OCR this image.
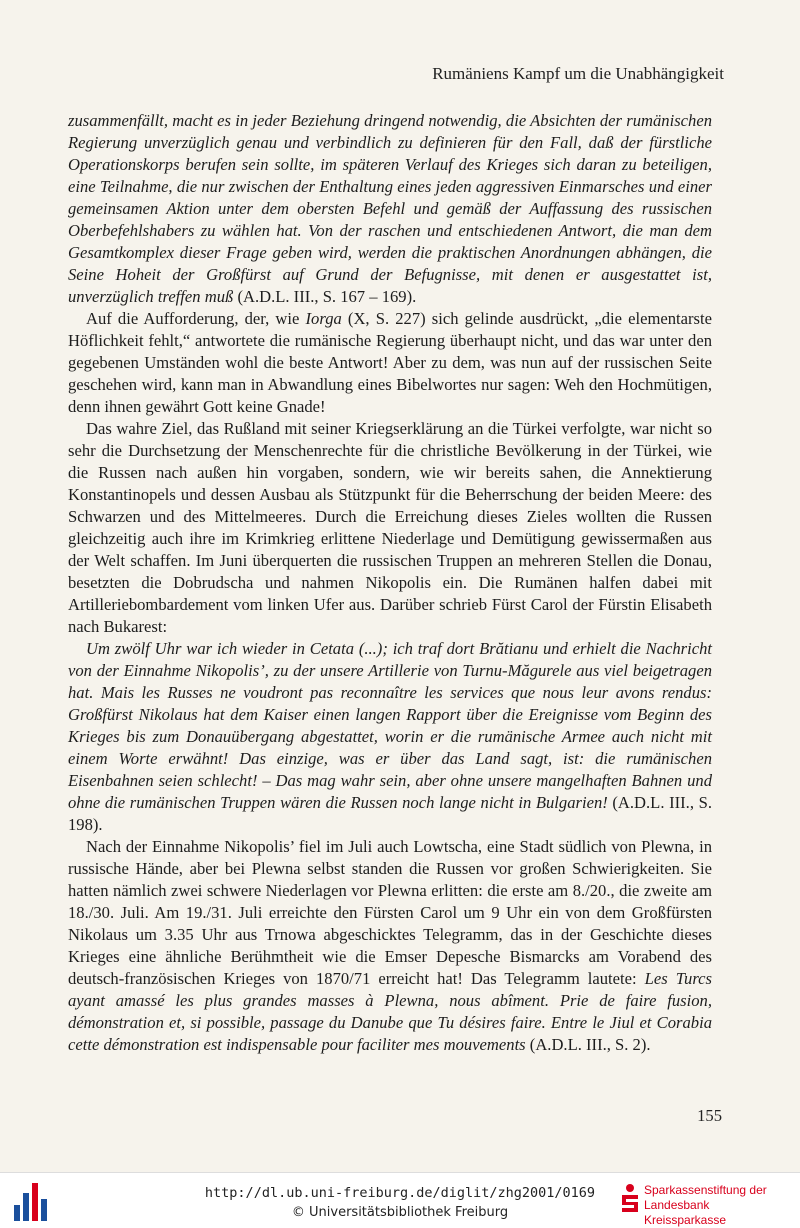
Rumäniens Kampf um die Unabhängigkeit

zusammenfällt, macht es in jeder Beziehung dringend notwendig, die Absichten der rumänischen Regierung unverzüglich genau und verbindlich zu definieren für den Fall, daß der fürstliche Operationskorps berufen sein sollte, im späteren Verlauf des Krieges sich daran zu beteiligen, eine Teilnahme, die nur zwischen der Enthaltung eines jeden aggressiven Einmarsches und einer gemeinsamen Aktion unter dem obersten Befehl und gemäß der Auffassung des russischen Oberbefehlshabers zu wählen hat. Von der raschen und entschiedenen Antwort, die man dem Gesamtkomplex dieser Frage geben wird, werden die praktischen Anordnungen abhängen, die Seine Hoheit der Großfürst auf Grund der Befugnisse, mit denen er ausgestattet ist, unverzüglich treffen muß (A.D.L. III., S. 167 – 169).

Auf die Aufforderung, der, wie Iorga (X, S. 227) sich gelinde ausdrückt, „die elementarste Höflichkeit fehlt,“ antwortete die rumänische Regierung überhaupt nicht, und das war unter den gegebenen Umständen wohl die beste Antwort! Aber zu dem, was nun auf der russischen Seite geschehen wird, kann man in Abwandlung eines Bibelwortes nur sagen: Weh den Hochmütigen, denn ihnen gewährt Gott keine Gnade!

Das wahre Ziel, das Rußland mit seiner Kriegserklärung an die Türkei verfolgte, war nicht so sehr die Durchsetzung der Menschenrechte für die christliche Bevölkerung in der Türkei, wie die Russen nach außen hin vorgaben, sondern, wie wir bereits sahen, die Annektierung Konstantinopels und dessen Ausbau als Stützpunkt für die Beherrschung der beiden Meere: des Schwarzen und des Mittelmeeres. Durch die Erreichung dieses Zieles wollten die Russen gleichzeitig auch ihre im Krimkrieg erlittene Niederlage und Demütigung gewissermaßen aus der Welt schaffen. Im Juni überquerten die russischen Truppen an mehreren Stellen die Donau, besetzten die Dobrudscha und nahmen Nikopolis ein. Die Rumänen halfen dabei mit Artilleriebombardement vom linken Ufer aus. Darüber schrieb Fürst Carol der Fürstin Elisabeth nach Bukarest:

Um zwölf Uhr war ich wieder in Cetata (...); ich traf dort Brătianu und erhielt die Nachricht von der Einnahme Nikopolis’, zu der unsere Artillerie von Turnu-Măgurele aus viel beigetragen hat. Mais les Russes ne voudront pas reconnaître les services que nous leur avons rendus: Großfürst Nikolaus hat dem Kaiser einen langen Rapport über die Ereignisse vom Beginn des Krieges bis zum Donauübergang abgestattet, worin er die rumänische Armee auch nicht mit einem Worte erwähnt! Das einzige, was er über das Land sagt, ist: die rumänischen Eisenbahnen seien schlecht! – Das mag wahr sein, aber ohne unsere mangelhaften Bahnen und ohne die rumänischen Truppen wären die Russen noch lange nicht in Bulgarien! (A.D.L. III., S. 198).

Nach der Einnahme Nikopolis’ fiel im Juli auch Lowtscha, eine Stadt südlich von Plewna, in russische Hände, aber bei Plewna selbst standen die Russen vor großen Schwierigkeiten. Sie hatten nämlich zwei schwere Niederlagen vor Plewna erlitten: die erste am 8./20., die zweite am 18./30. Juli. Am 19./31. Juli erreichte den Fürsten Carol um 9 Uhr ein von dem Großfürsten Nikolaus um 3.35 Uhr aus Trnowa abgeschicktes Telegramm, das in der Geschichte dieses Krieges eine ähnliche Berühmtheit wie die Emser Depesche Bismarcks am Vorabend des deutsch-französischen Krieges von 1870/71 erreicht hat! Das Telegramm lautete: Les Turcs ayant amassé les plus grandes masses à Plewna, nous abîment. Prie de faire fusion, démonstration et, si possible, passage du Danube que Tu désires faire. Entre le Jiul et Corabia cette démonstration est indispensable pour faciliter mes mouvements (A.D.L. III., S. 2).

155
http://dl.ub.uni-freiburg.de/diglit/zhg2001/0169
© Universitätsbibliothek Freiburg
Sparkassenstiftung der
Landesbank Kreissparkasse
